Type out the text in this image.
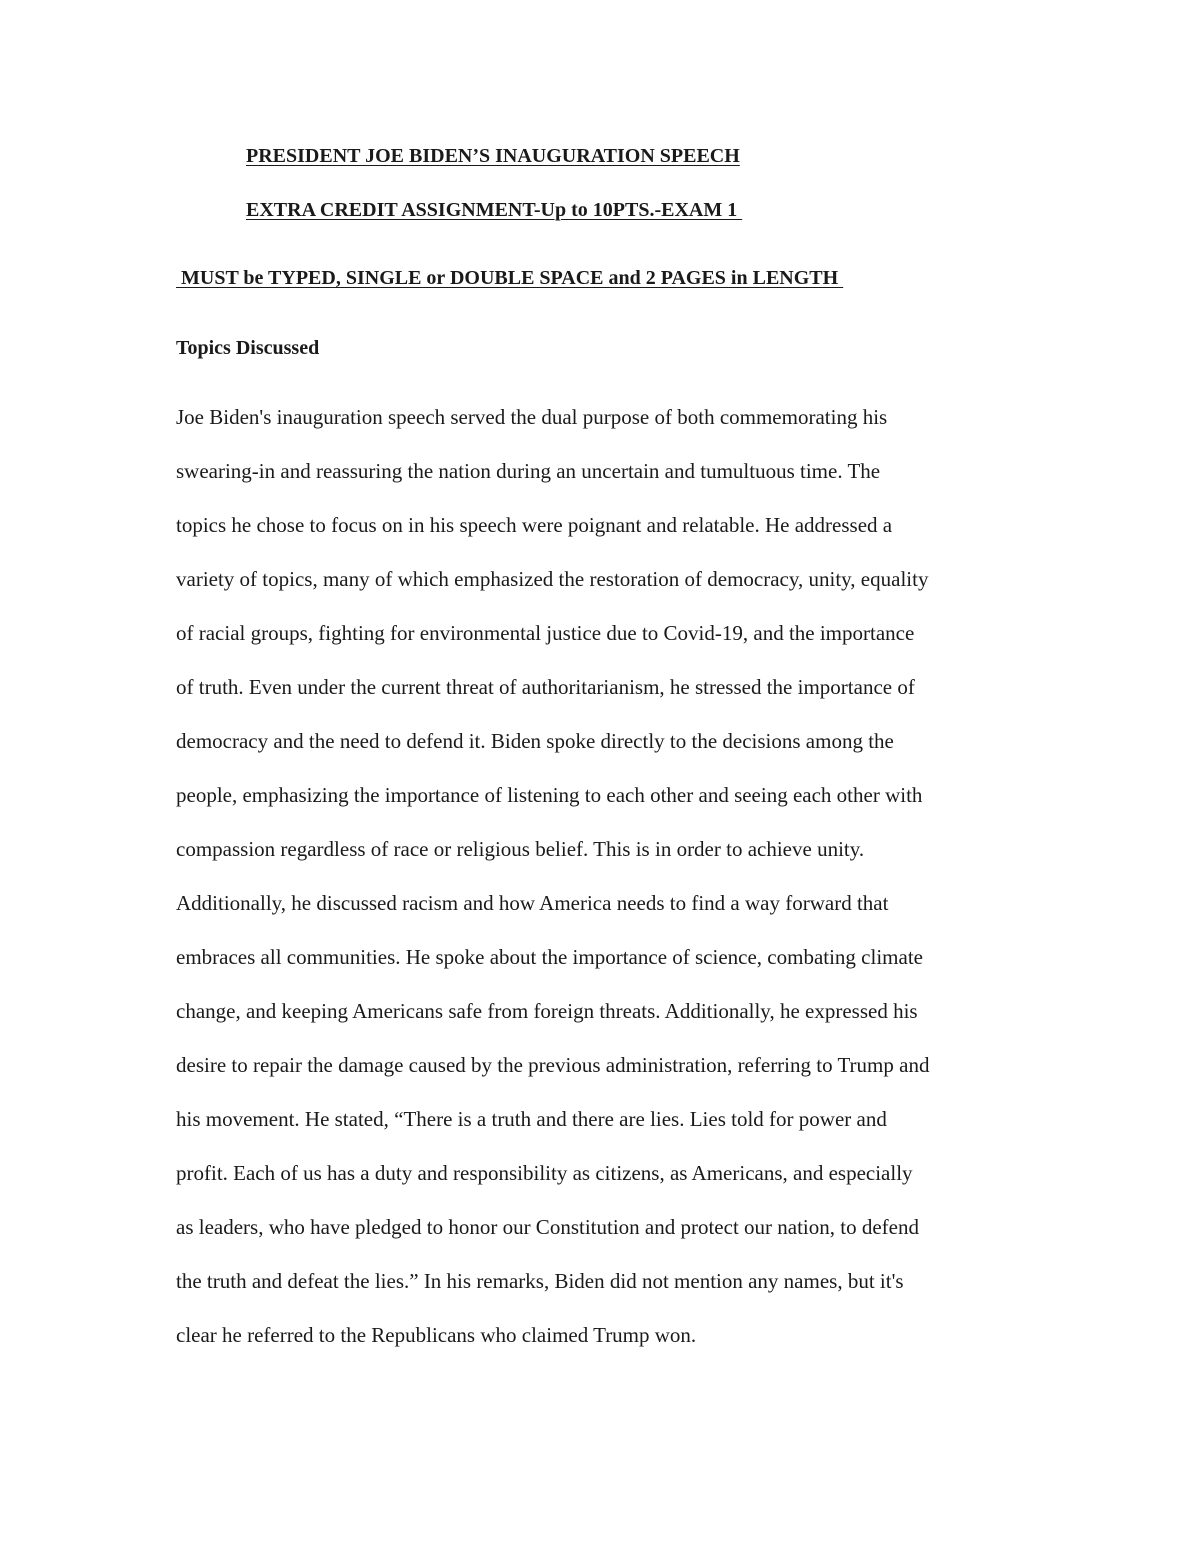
PRESIDENT JOE BIDEN’S INAUGURATION SPEECH
EXTRA CREDIT ASSIGNMENT-Up to 10PTS.-EXAM 1
MUST be TYPED, SINGLE or DOUBLE SPACE and 2 PAGES in LENGTH
Topics Discussed
Joe Biden's inauguration speech served the dual purpose of both commemorating his
swearing-in and reassuring the nation during an uncertain and tumultuous time. The
topics he chose to focus on in his speech were poignant and relatable. He addressed a
variety of topics, many of which emphasized the restoration of democracy, unity, equality
of racial groups, fighting for environmental justice due to Covid-19, and the importance
of truth. Even under the current threat of authoritarianism, he stressed the importance of
democracy and the need to defend it. Biden spoke directly to the decisions among the
people, emphasizing the importance of listening to each other and seeing each other with
compassion regardless of race or religious belief. This is in order to achieve unity.
Additionally, he discussed racism and how America needs to find a way forward that
embraces all communities. He spoke about the importance of science, combating climate
change, and keeping Americans safe from foreign threats. Additionally, he expressed his
desire to repair the damage caused by the previous administration, referring to Trump and
his movement. He stated, “There is a truth and there are lies. Lies told for power and
profit. Each of us has a duty and responsibility as citizens, as Americans, and especially
as leaders, who have pledged to honor our Constitution and protect our nation, to defend
the truth and defeat the lies.” In his remarks, Biden did not mention any names, but it's
clear he referred to the Republicans who claimed Trump won.
